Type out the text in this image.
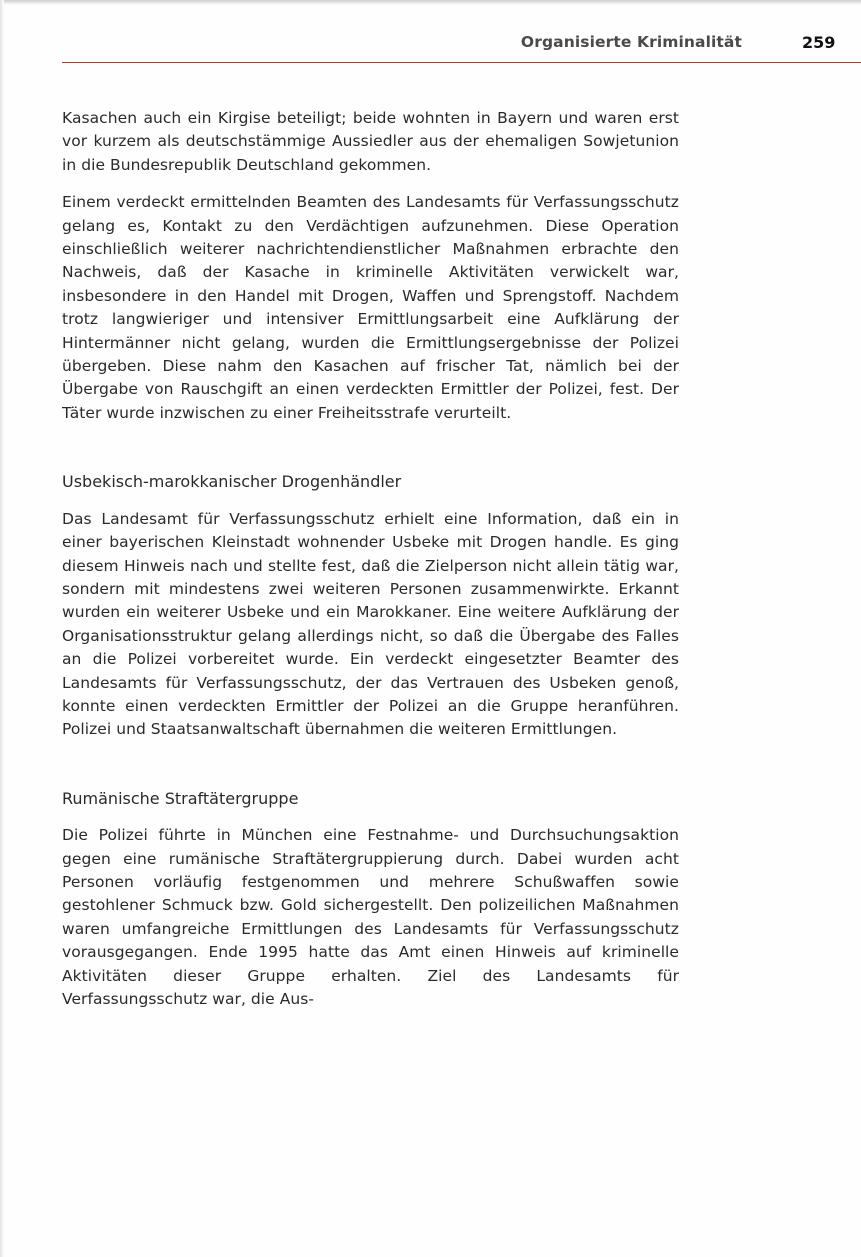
Organisierte Kriminalität	259

Kasachen auch ein Kirgise beteiligt; beide wohnten in Bayern und waren erst vor kurzem als deutschstämmige Aussiedler aus der ehemaligen Sowjetunion in die Bundesrepublik Deutschland gekommen.

Einem verdeckt ermittelnden Beamten des Landesamts für Verfassungsschutz gelang es, Kontakt zu den Verdächtigen aufzunehmen. Diese Operation einschließlich weiterer nachrichtendienstlicher Maßnahmen erbrachte den Nachweis, daß der Kasache in kriminelle Aktivitäten verwickelt war, insbesondere in den Handel mit Drogen, Waffen und Sprengstoff. Nachdem trotz langwieriger und intensiver Ermittlungsarbeit eine Aufklärung der Hintermänner nicht gelang, wurden die Ermittlungsergebnisse der Polizei übergeben. Diese nahm den Kasachen auf frischer Tat, nämlich bei der Übergabe von Rauschgift an einen verdeckten Ermittler der Polizei, fest. Der Täter wurde inzwischen zu einer Freiheitsstrafe verurteilt.

Usbekisch-marokkanischer Drogenhändler

Das Landesamt für Verfassungsschutz erhielt eine Information, daß ein in einer bayerischen Kleinstadt wohnender Usbeke mit Drogen handle. Es ging diesem Hinweis nach und stellte fest, daß die Zielperson nicht allein tätig war, sondern mit mindestens zwei weiteren Personen zusammenwirkte. Erkannt wurden ein weiterer Usbeke und ein Marokkaner. Eine weitere Aufklärung der Organisationsstruktur gelang allerdings nicht, so daß die Übergabe des Falles an die Polizei vorbereitet wurde. Ein verdeckt eingesetzter Beamter des Landesamts für Verfassungsschutz, der das Vertrauen des Usbeken genoß, konnte einen verdeckten Ermittler der Polizei an die Gruppe heranführen. Polizei und Staatsanwaltschaft übernahmen die weiteren Ermittlungen.

Rumänische Straftätergruppe

Die Polizei führte in München eine Festnahme- und Durchsuchungsaktion gegen eine rumänische Straftätergruppierung durch. Dabei wurden acht Personen vorläufig festgenommen und mehrere Schußwaffen sowie gestohlener Schmuck bzw. Gold sichergestellt. Den polizeilichen Maßnahmen waren umfangreiche Ermittlungen des Landesamts für Verfassungsschutz vorausgegangen. Ende 1995 hatte das Amt einen Hinweis auf kriminelle Aktivitäten dieser Gruppe erhalten. Ziel des Landesamts für Verfassungsschutz war, die Aus-
